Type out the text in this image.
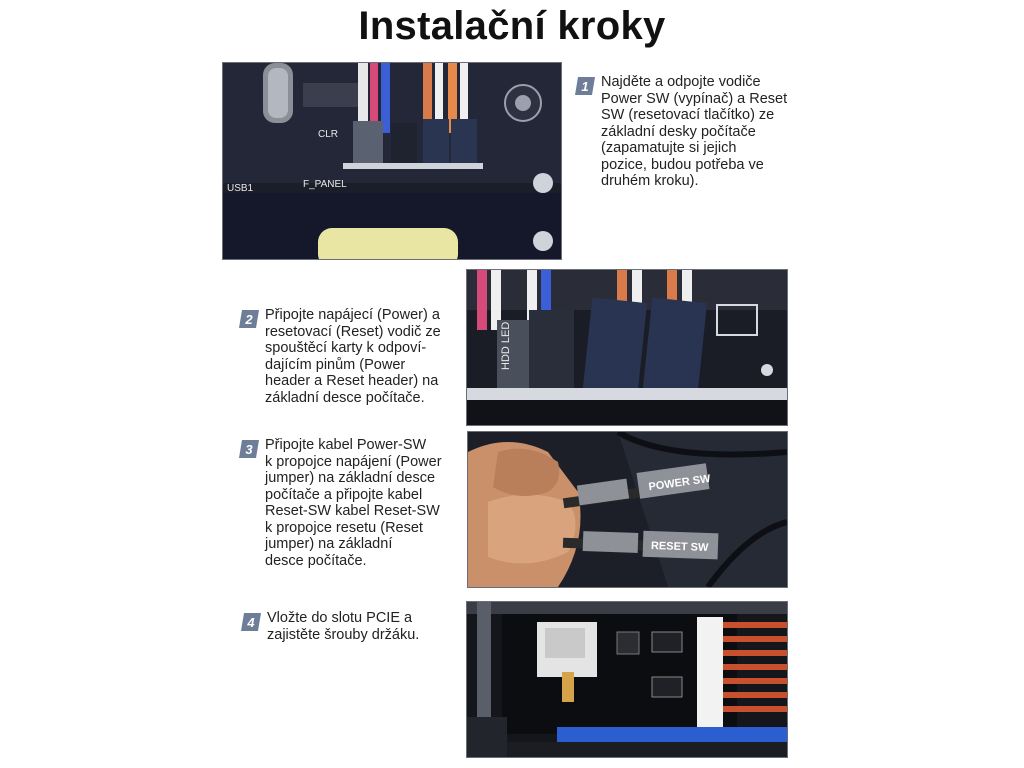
Instalační kroky
CLR
F_PANEL
USB1
1 Najděte a odpojte vodiče
Power SW (vypínač) a Reset
SW (resetovací tlačítko) ze
základní desky počítače
(zapamatujte si jejich
pozice, budou potřeba ve
druhém kroku).
HDD LED
2 Připojte napájecí (Power) a
resetovací (Reset) vodič ze
spouštěcí karty k odpoví-
dajícím pinům (Power
header a Reset header) na
základní desce počítače.
POWER SW
RESET SW
3 Připojte kabel Power-SW
k propojce napájení (Power
jumper) na základní desce
počítače a připojte kabel
Reset-SW kabel Reset-SW
k propojce resetu (Reset
jumper) na základní
desce počítače.
4 Vložte do slotu PCIE a
zajistěte šrouby držáku.
